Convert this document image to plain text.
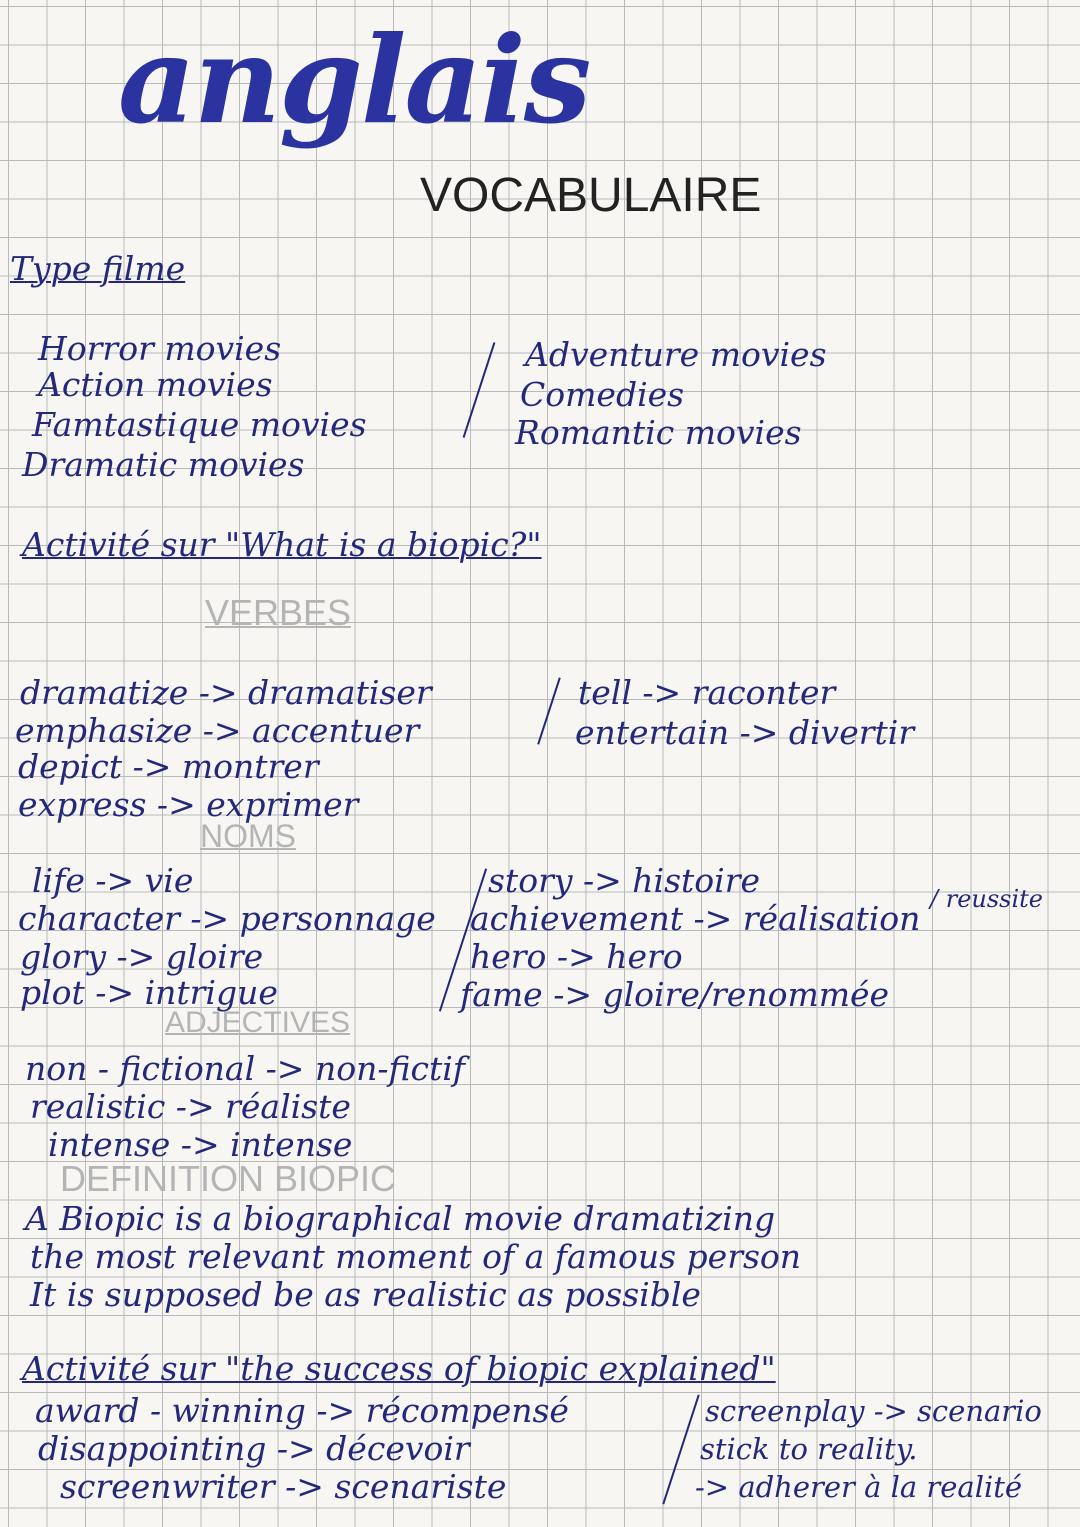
anglais
VOCABULAIRE
Type filme
Horror movies
Action movies
Famtastique movies
Dramatic movies
Adventure movies
Comedies
Romantic movies
Activité sur "What is a biopic?"
VERBES
dramatize -> dramatiser
emphasize -> accentuer
depict -> montrer
express -> exprimer
tell -> raconter
entertain -> divertir
NOMS
life -> vie
character -> personnage
glory -> gloire
plot -> intrigue
story -> histoire
achievement -> réalisation
hero -> hero
fame -> gloire/renommée
/ reussite
ADJECTIVES
non - fictional -> non-fictif
realistic -> réaliste
intense -> intense
DEFINITION BIOPIC
A Biopic is a biographical movie dramatizing
the most relevant moment of a famous person
It is supposed be as realistic as possible
Activité sur "the success of biopic explained"
award - winning -> récompensé
disappointing -> décevoir
screenwriter -> scenariste
screenplay -> scenario
stick to reality.
-> adherer à la realité
